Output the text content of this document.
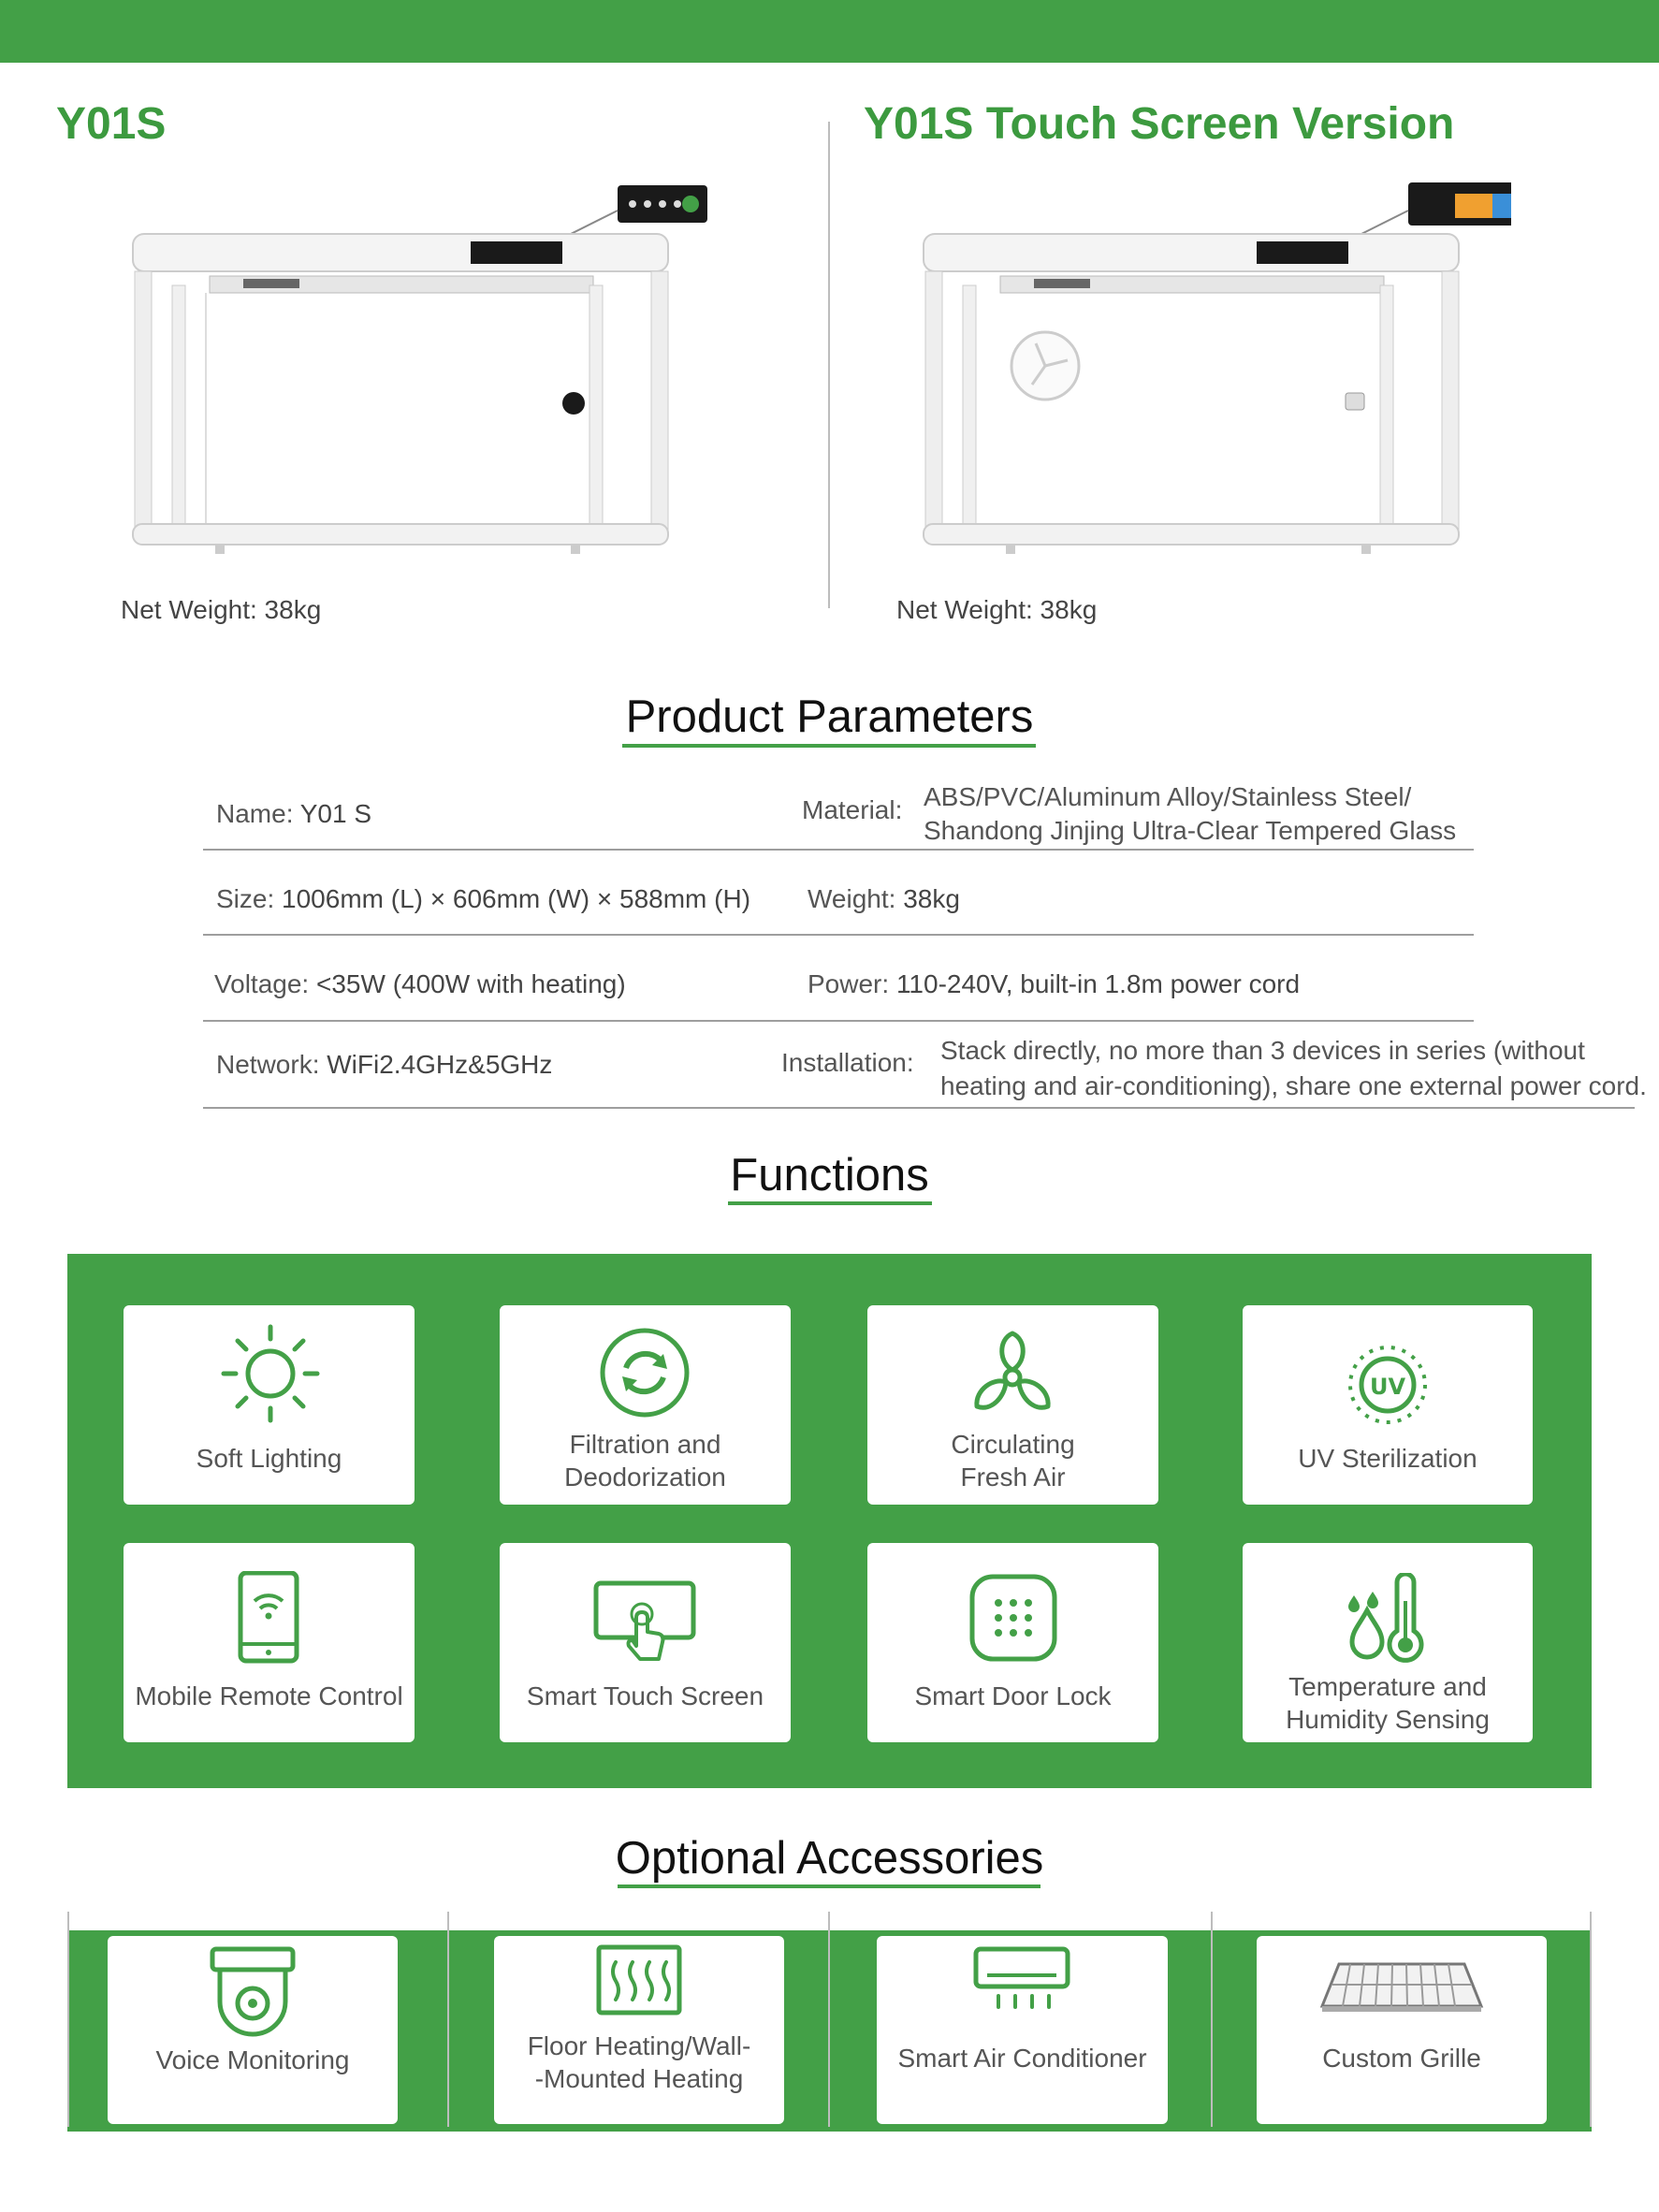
Y01S	Y01S Touch Screen Version
Net Weight: 38kg	Net Weight: 38kg
Product Parameters
Name: Y01 S	Material: ABS/PVC/Aluminum Alloy/Stainless Steel/
Shandong Jinjing Ultra-Clear Tempered Glass
Size: 1006mm (L) × 606mm (W) × 588mm (H) Weight: 38kg
Voltage: <35W (400W with heating)	Power: 110-240V, built-in 1.8m power cord
Network: WiFi2.4GHz&5GHz	Installation: Stack directly, no more than 3 devices in series (without
heating and air-conditioning), share one external power cord.
Functions
Soft Lighting	Filtration and
Deodorization
Circulating
Fresh Air
UV
UV Sterilization
Mobile Remote Control	Smart Touch Screen	Smart Door Lock	Temperature and
Humidity Sensing
Optional Accessories
Voice Monitoring	Floor Heating/Wall-
-Mounted Heating
Smart Air Conditioner	Custom Grille
